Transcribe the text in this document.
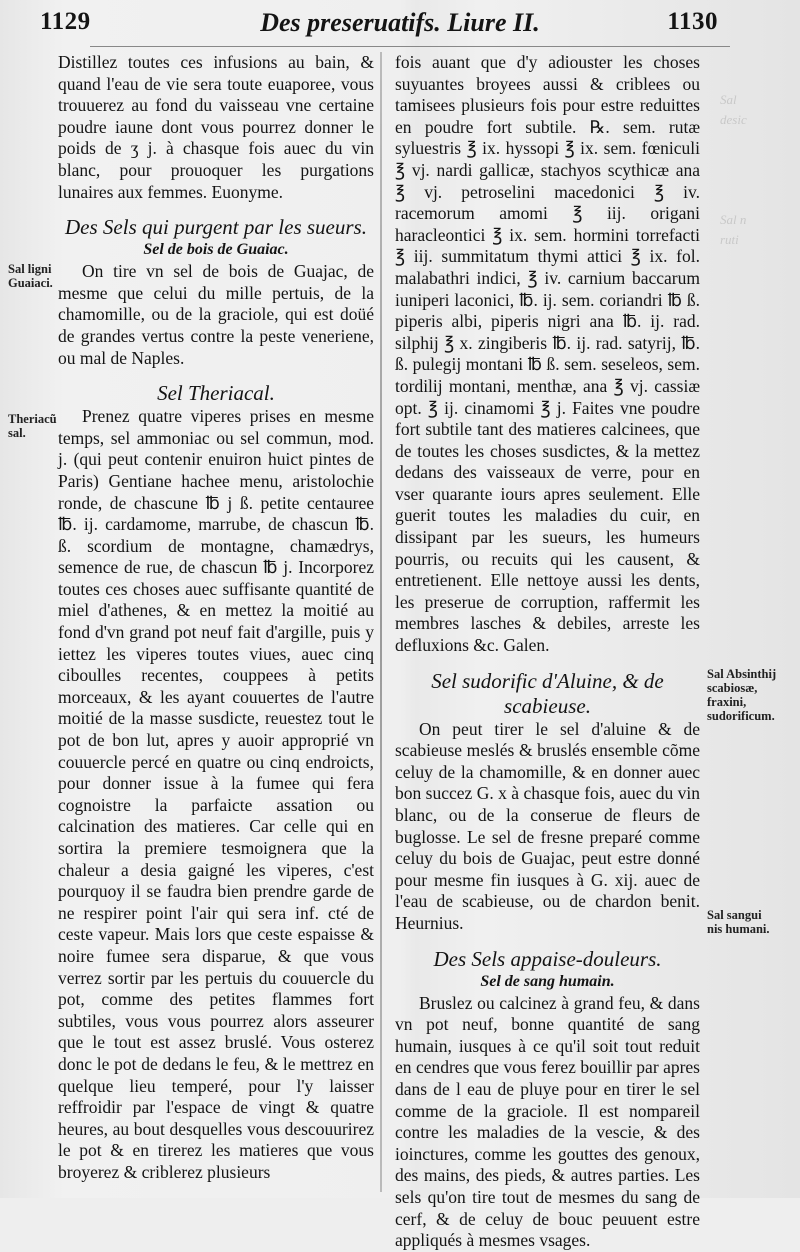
Sal
desic

Sal n
ruti
1129	Des preseruatifs. Liure II.	1130
Sal ligni Guaiaci.
Theriacũ sal.
Sal Absinthij scabiosæ, fraxini, sudorificum.
Sal sangui nis humani.

Distillez toutes ces infusions au bain, & quand l'eau de vie sera toute euaporee, vous trouuerez au fond du vaisseau vne certaine poudre iaune dont vous pourrez donner le poids de ʒ j. à chasque fois auec du vin blanc, pour prouoquer les purgations lunaires aux femmes. Euonyme.

Des Sels qui purgent par les sueurs.
Sel de bois de Guaiac.

On tire vn sel de bois de Guajac, de mesme que celui du mille pertuis, de la chamomille, ou de la graciole, qui est doüé de grandes vertus contre la peste veneriene, ou mal de Naples.

Sel Theriacal.

Prenez quatre viperes prises en mesme temps, sel ammoniac ou sel commun, mod. j. (qui peut contenir enuiron huict pintes de Paris) Gentiane hachee menu, aristolochie ronde, de chascune ℔ j ß. petite centauree ℔. ij. cardamome, marrube, de chascun ℔. ß. scordium de montagne, chamædrys, semence de rue, de chascun ℔ j. Incorporez toutes ces choses auec suffisante quantité de miel d'athenes, & en mettez la moitié au fond d'vn grand pot neuf fait d'argille, puis y iettez les viperes toutes viues, auec cinq ciboulles recentes, couppees à petits morceaux, & les ayant couuertes de l'autre moitié de la masse susdicte, reuestez tout le pot de bon lut, apres y auoir approprié vn couuercle percé en quatre ou cinq endroicts, pour donner issue à la fumee qui fera cognoistre la parfaicte assation ou calcination des matieres. Car celle qui en sortira la premiere tesmoignera que la chaleur a desia gaigné les viperes, c'est pourquoy il se faudra bien prendre garde de ne respirer point l'air qui sera inf. cté de ceste vapeur. Mais lors que ceste espaisse & noire fumee sera disparue, & que vous verrez sortir par les pertuis du couuercle du pot, comme des petites flammes fort subtiles, vous vous pourrez alors asseurer que le tout est assez bruslé. Vous osterez donc le pot de dedans le feu, & le mettrez en quelque lieu temperé, pour l'y laisser reffroidir par l'espace de vingt & quatre heures, au bout desquelles vous descouurirez le pot & en tirerez les matieres que vous broyerez & criblerez plusieurs

fois auant que d'y adiouster les choses suyuantes broyees aussi & criblees ou tamisees plusieurs fois pour estre reduittes en poudre fort subtile. ℞. sem. rutæ syluestris ℥ ix. hyssopi ℥ ix. sem. fœniculi ℥ vj. nardi gallicæ, stachyos scythicæ ana ℥ vj. petroselini macedonici ℥ iv. racemorum amomi ℥ iij. origani haracleontici ℥ ix. sem. hormini torrefacti ℥ iij. summitatum thymi attici ℥ ix. fol. malabathri indici, ℥ iv. carnium baccarum iuniperi laconici, ℔. ij. sem. coriandri ℔ ß. piperis albi, piperis nigri ana ℔. ij. rad. silphij ℥ x. zingiberis ℔. ij. rad. satyrij, ℔. ß. pulegij montani ℔ ß. sem. seseleos, sem. tordilij montani, menthæ, ana ℥ vj. cassiæ opt. ℥ ij. cinamomi ℥ j. Faites vne poudre fort subtile tant des matieres calcinees, que de toutes les choses susdictes, & la mettez dedans des vaisseaux de verre, pour en vser quarante iours apres seulement. Elle guerit toutes les maladies du cuir, en dissipant par les sueurs, les humeurs pourris, ou recuits qui les causent, & entretienent. Elle nettoye aussi les dents, les preserue de corruption, raffermit les membres lasches & debiles, arreste les defluxions &c. Galen.

Sel sudorific d'Aluine, & de scabieuse.

On peut tirer le sel d'aluine & de scabieuse meslés & bruslés ensemble cõme celuy de la chamomille, & en donner auec bon succez G. x à chasque fois, auec du vin blanc, ou de la conserue de fleurs de buglosse. Le sel de fresne preparé comme celuy du bois de Guajac, peut estre donné pour mesme fin iusques à G. xij. auec de l'eau de scabieuse, ou de chardon benit. Heurnius.

Des Sels appaise-douleurs.
Sel de sang humain.

Bruslez ou calcinez à grand feu, & dans vn pot neuf, bonne quantité de sang humain, iusques à ce qu'il soit tout reduit en cendres que vous ferez bouillir par apres dans de l eau de pluye pour en tirer le sel comme de la graciole. Il est nompareil contre les maladies de la vescie, & des ioinctures, comme les gouttes des genoux, des mains, des pieds, & autres parties. Les sels qu'on tire tout de mesmes du sang de cerf, & de celuy de bouc peuuent estre appliqués à mesmes vsages.
